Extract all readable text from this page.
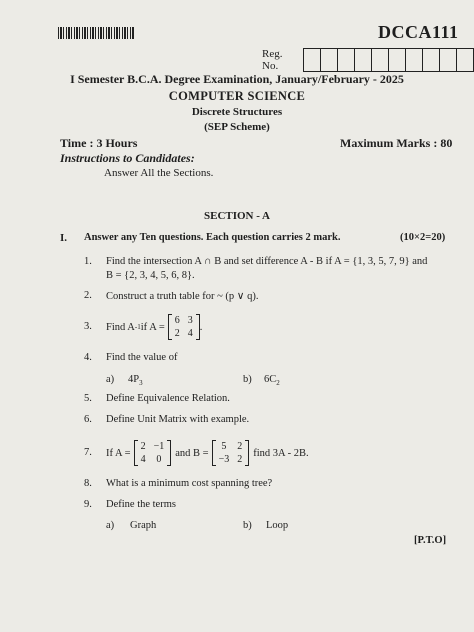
DCCA111
Reg. No.
I Semester B.C.A. Degree Examination, January/February - 2025
COMPUTER SCIENCE
Discrete Structures
(SEP Scheme)
Time : 3 Hours	Maximum Marks : 80
Instructions to Candidates:
Answer All the Sections.
SECTION - A
I. Answer any Ten questions. Each question carries 2 mark.	(10×2=20)
1. Find the intersection A ∩ B and set difference A - B if A = {1, 3, 5, 7, 9} and
B = {2, 3, 4, 5, 6, 8}.
2. Construct a truth table for ~ (p ∨ q).
3. Find A -1 if A =
6	3
2	4
.
4. Find the value of
a) $4P_3$	b) $6C_2$
5. Define Equivalence Relation.
6. Define Unit Matrix with example.
7. If A =
2	−1
4	0
and B =
5	2
−3	2
find 3A - 2B.
8. What is a minimum cost spanning tree?
9. Define the terms
a) Graph	b) Loop
[P.T.O]
